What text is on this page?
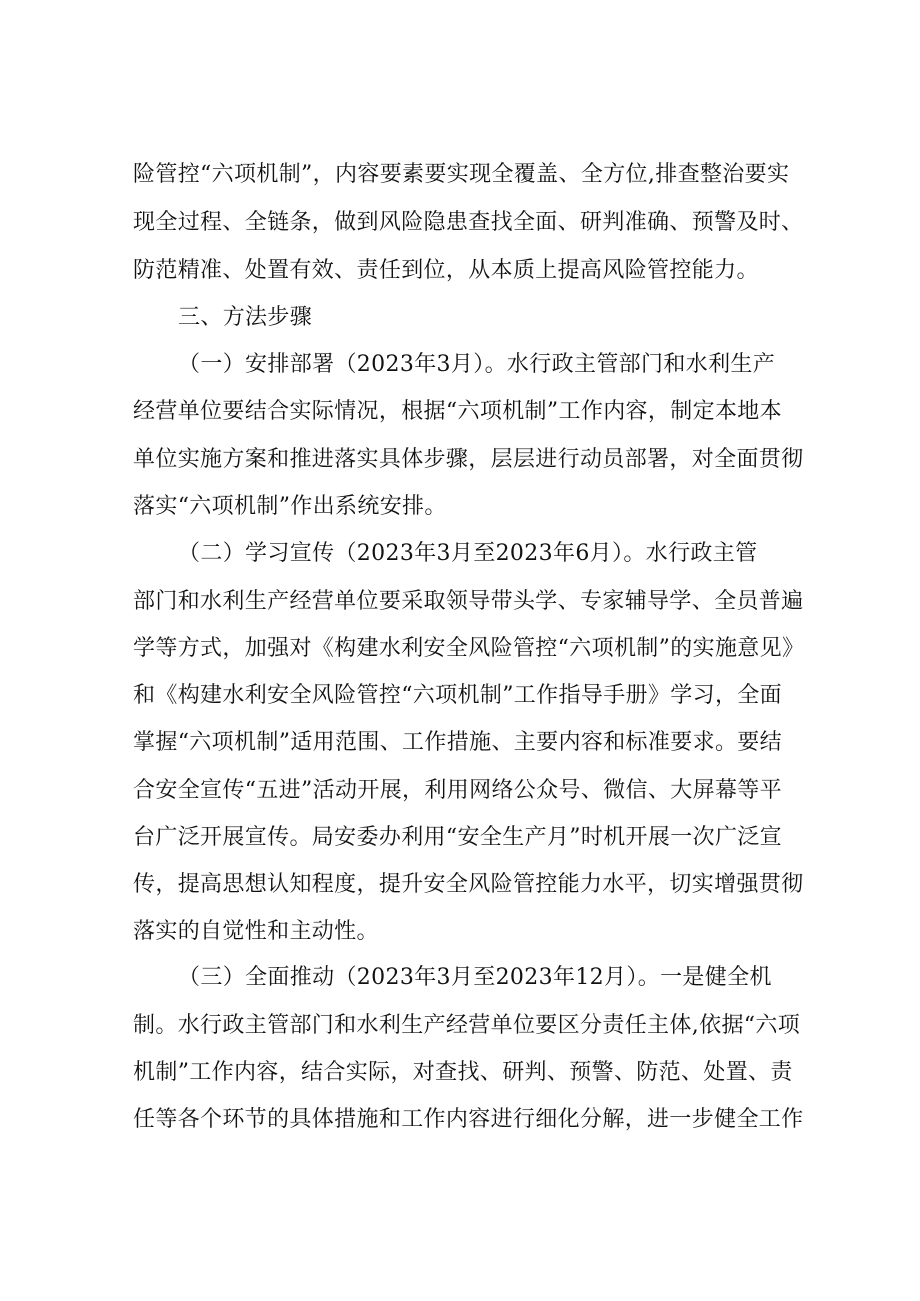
险管控“六项机制”，内容要素要实现全覆盖、全方位,排查整治要实
现全过程、全链条，做到风险隐患查找全面、研判准确、预警及时、
防范精准、处置有效、责任到位，从本质上提高风险管控能力。
三、方法步骤
（一）安排部署（2023年3月）。水行政主管部门和水利生产
经营单位要结合实际情况，根据“六项机制”工作内容，制定本地本
单位实施方案和推进落实具体步骤，层层进行动员部署，对全面贯彻
落实“六项机制”作出系统安排。
（二）学习宣传（2023年3月至2023年6月）。水行政主管
部门和水利生产经营单位要采取领导带头学、专家辅导学、全员普遍
学等方式，加强对《构建水利安全风险管控“六项机制”的实施意见》
和《构建水利安全风险管控“六项机制”工作指导手册》学习，全面
掌握“六项机制”适用范围、工作措施、主要内容和标准要求。要结
合安全宣传“五进”活动开展，利用网络公众号、微信、大屏幕等平
台广泛开展宣传。局安委办利用“安全生产月”时机开展一次广泛宣
传，提高思想认知程度，提升安全风险管控能力水平，切实增强贯彻
落实的自觉性和主动性。
（三）全面推动（2023年3月至2023年12月）。一是健全机
制。水行政主管部门和水利生产经营单位要区分责任主体,依据“六项
机制”工作内容，结合实际，对查找、研判、预警、防范、处置、责
任等各个环节的具体措施和工作内容进行细化分解，进一步健全工作
